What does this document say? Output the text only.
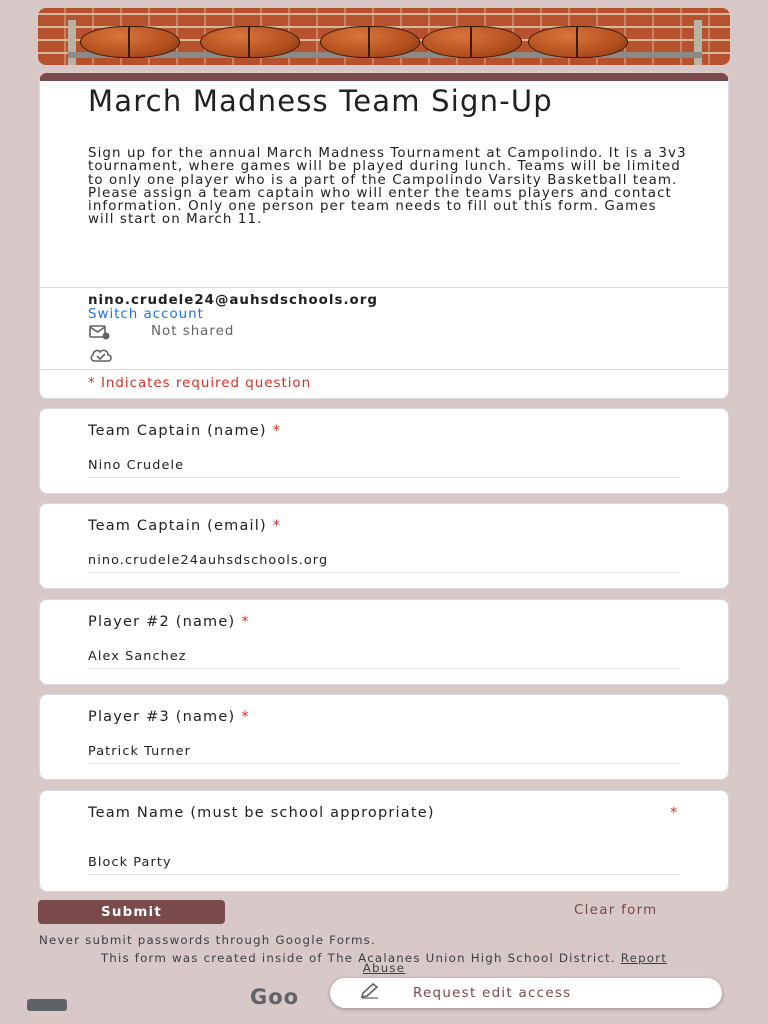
March Madness Team Sign-Up
Sign up for the annual March Madness Tournament at Campolindo. It is a 3v3 tournament, where games will be played during lunch. Teams will be limited to only one player who is a part of the Campolindo Varsity Basketball team. Please assign a team captain who will enter the teams players and contact information. Only one person per team needs to fill out this form. Games will start on March 11.
nino.crudele24@auhsdschools.org
Switch account
Not shared
* Indicates required question
Team Captain (name) *
Nino Crudele
Team Captain (email) *
nino.crudele24auhsdschools.org
Player #2 (name) *
Alex Sanchez
Player #3 (name) *
Patrick Turner
Team Name (must be school appropriate)	*
Block Party
Submit	Clear form
Never submit passwords through Google Forms.
This form was created inside of The Acalanes Union High School District. Report Abuse
Goo	Request edit access
